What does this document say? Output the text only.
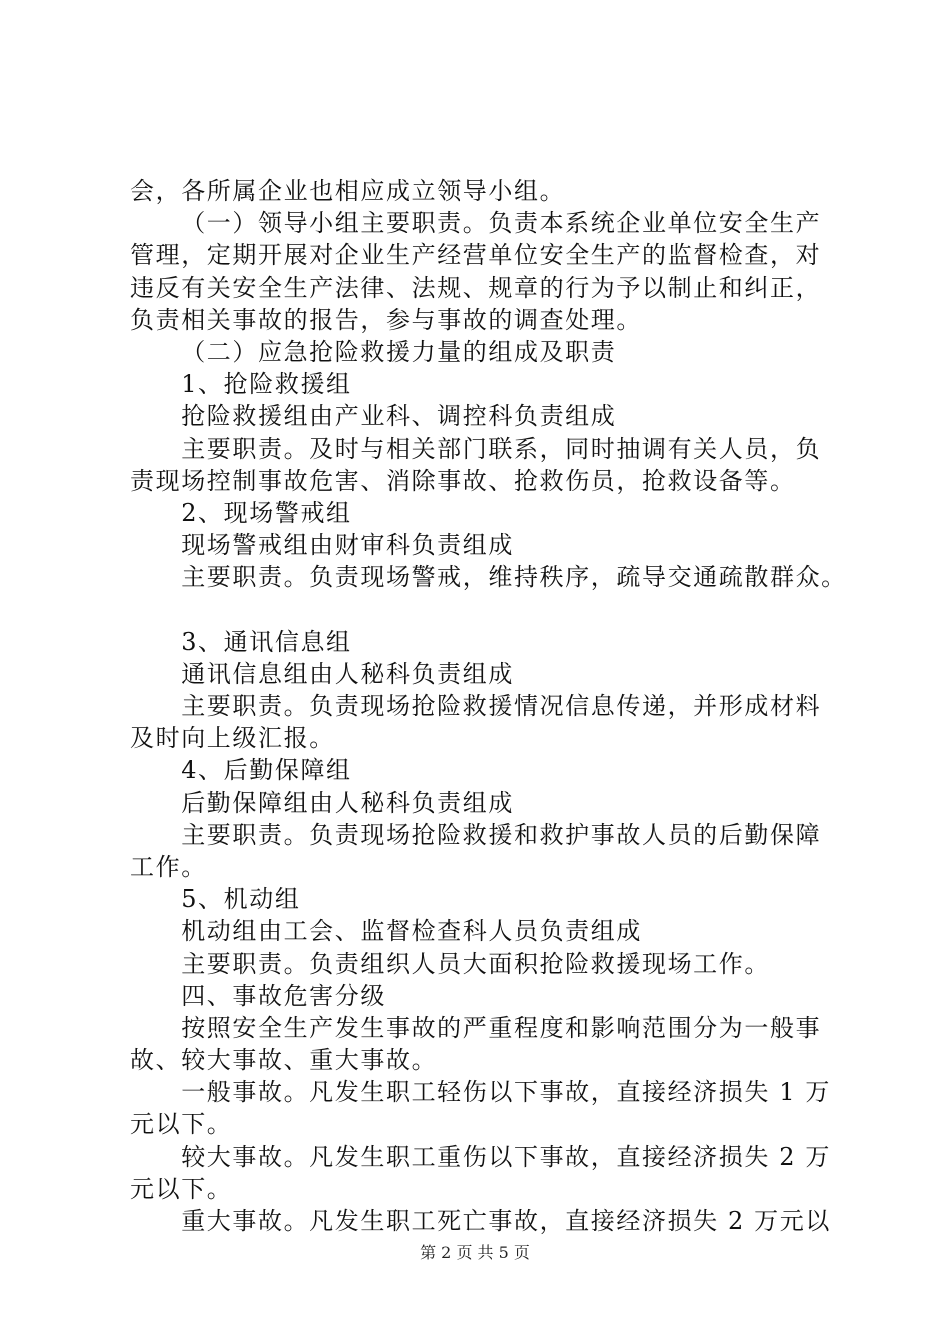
会，各所属企业也相应成立领导小组。
（一）领导小组主要职责。负责本系统企业单位安全生产
管理，定期开展对企业生产经营单位安全生产的监督检查，对
违反有关安全生产法律、法规、规章的行为予以制止和纠正，
负责相关事故的报告，参与事故的调查处理。
（二）应急抢险救援力量的组成及职责
1、抢险救援组
抢险救援组由产业科、调控科负责组成
主要职责。及时与相关部门联系，同时抽调有关人员，负
责现场控制事故危害、消除事故、抢救伤员，抢救设备等。
2、现场警戒组
现场警戒组由财审科负责组成
主要职责。负责现场警戒，维持秩序，疏导交通疏散群众。
3、通讯信息组
通讯信息组由人秘科负责组成
主要职责。负责现场抢险救援情况信息传递，并形成材料
及时向上级汇报。
4、后勤保障组
后勤保障组由人秘科负责组成
主要职责。负责现场抢险救援和救护事故人员的后勤保障
工作。
5、机动组
机动组由工会、监督检查科人员负责组成
主要职责。负责组织人员大面积抢险救援现场工作。
四、事故危害分级
按照安全生产发生事故的严重程度和影响范围分为一般事
故、较大事故、重大事故。
一般事故。凡发生职工轻伤以下事故，直接经济损失 1 万
元以下。
较大事故。凡发生职工重伤以下事故，直接经济损失 2 万
元以下。
重大事故。凡发生职工死亡事故，直接经济损失 2 万元以
第 2 页 共 5 页
